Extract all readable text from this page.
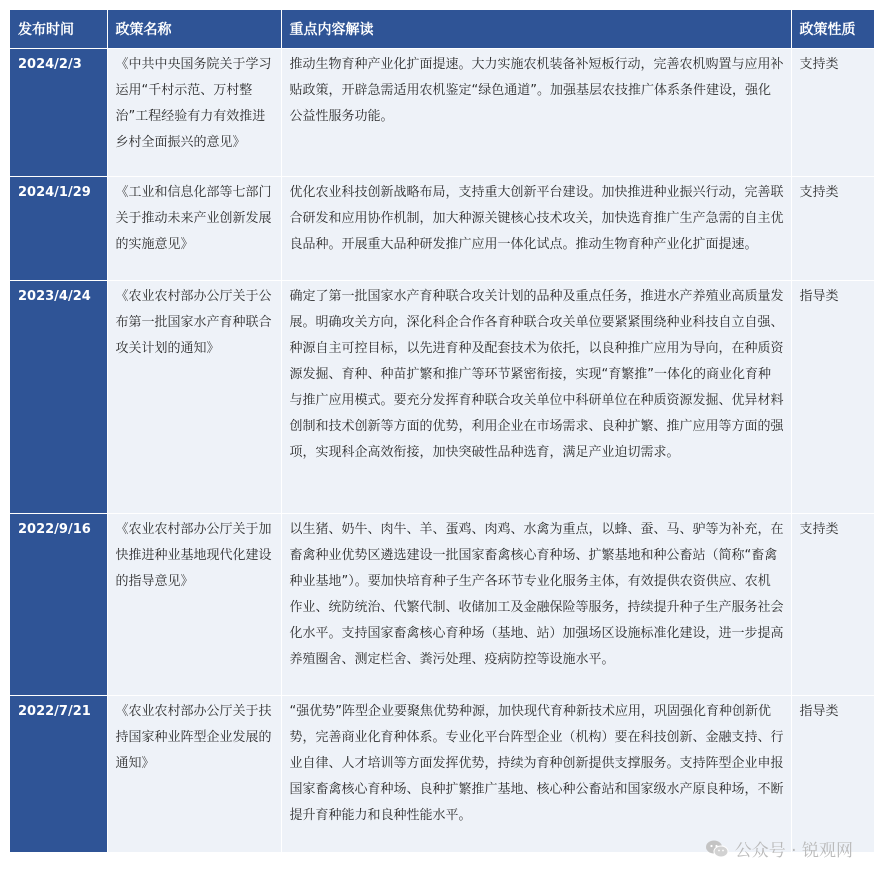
发布时间	政策名称	重点内容解读	政策性质
2024/2/3	《中共中央国务院关于学习运用“千村示范、万村整治”工程经验有力有效推进乡村全面振兴的意见》	推动生物育种产业化扩面提速。大力实施农机装备补短板行动，完善农机购置与应用补贴政策，开辟急需适用农机鉴定“绿色通道”。加强基层农技推广体系条件建设，强化公益性服务功能。	支持类
2024/1/29	《工业和信息化部等七部门关于推动未来产业创新发展的实施意见》	优化农业科技创新战略布局，支持重大创新平台建设。加快推进种业振兴行动，完善联合研发和应用协作机制，加大种源关键核心技术攻关，加快选育推广生产急需的自主优良品种。开展重大品种研发推广应用一体化试点。推动生物育种产业化扩面提速。	支持类
2023/4/24	《农业农村部办公厅关于公布第一批国家水产育种联合攻关计划的通知》	确定了第一批国家水产育种联合攻关计划的品种及重点任务，推进水产养殖业高质量发展。明确攻关方向，深化科企合作各育种联合攻关单位要紧紧围绕种业科技自立自强、种源自主可控目标，以先进育种及配套技术为依托，以良种推广应用为导向，在种质资源发掘、育种、种苗扩繁和推广等环节紧密衔接，实现“育繁推”一体化的商业化育种与推广应用模式。要充分发挥育种联合攻关单位中科研单位在种质资源发掘、优异材料创制和技术创新等方面的优势，利用企业在市场需求、良种扩繁、推广应用等方面的强项，实现科企高效衔接，加快突破性品种选育，满足产业迫切需求。	指导类
2022/9/16	《农业农村部办公厅关于加快推进种业基地现代化建设的指导意见》	以生猪、奶牛、肉牛、羊、蛋鸡、肉鸡、水禽为重点，以蜂、蚕、马、驴等为补充，在畜禽种业优势区遴选建设一批国家畜禽核心育种场、扩繁基地和种公畜站（简称“畜禽种业基地”）。要加快培育种子生产各环节专业化服务主体，有效提供农资供应、农机作业、统防统治、代繁代制、收储加工及金融保险等服务，持续提升种子生产服务社会化水平。支持国家畜禽核心育种场（基地、站）加强场区设施标准化建设，进一步提高养殖圈舍、测定栏舍、粪污处理、疫病防控等设施水平。	支持类
2022/7/21	《农业农村部办公厅关于扶持国家种业阵型企业发展的通知》	“强优势”阵型企业要聚焦优势种源，加快现代育种新技术应用，巩固强化育种创新优势，完善商业化育种体系。专业化平台阵型企业（机构）要在科技创新、金融支持、行业自律、人才培训等方面发挥优势，持续为育种创新提供支撑服务。支持阵型企业申报国家畜禽核心育种场、良种扩繁推广基地、核心种公畜站和国家级水产原良种场，不断提升育种能力和良种性能水平。	指导类
公众号 · 锐观网
